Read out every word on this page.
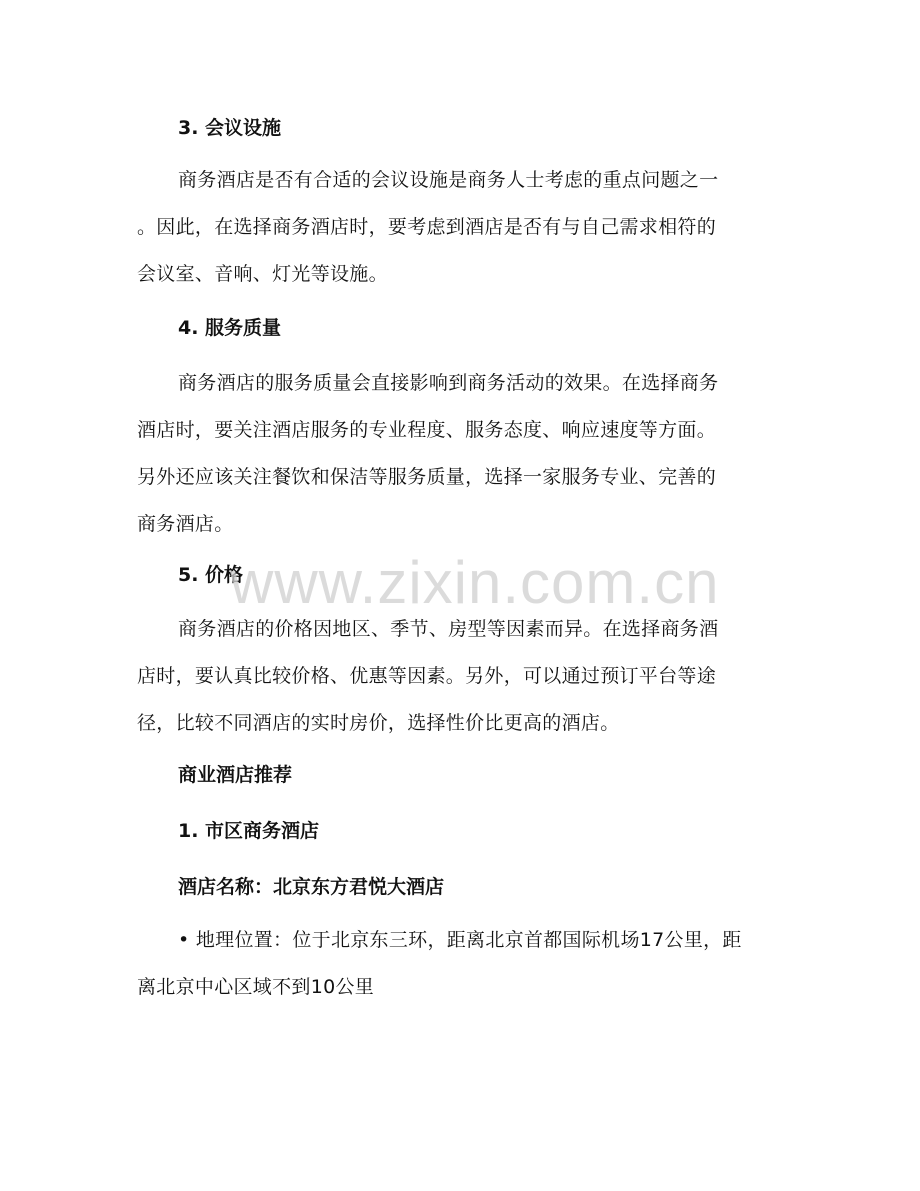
3. 会议设施
商务酒店是否有合适的会议设施是商务人士考虑的重点问题之一
。因此，在选择商务酒店时，要考虑到酒店是否有与自己需求相符的
会议室、音响、灯光等设施。
4. 服务质量
商务酒店的服务质量会直接影响到商务活动的效果。在选择商务
酒店时，要关注酒店服务的专业程度、服务态度、响应速度等方面。
另外还应该关注餐饮和保洁等服务质量，选择一家服务专业、完善的
商务酒店。
5. 价格
商务酒店的价格因地区、季节、房型等因素而异。在选择商务酒
店时，要认真比较价格、优惠等因素。另外，可以通过预订平台等途
径，比较不同酒店的实时房价，选择性价比更高的酒店。
商业酒店推荐
1. 市区商务酒店
酒店名称：北京东方君悦大酒店
• 地理位置：位于北京东三环，距离北京首都国际机场17公里，距
离北京中心区域不到10公里
www.zixin.com.cn
